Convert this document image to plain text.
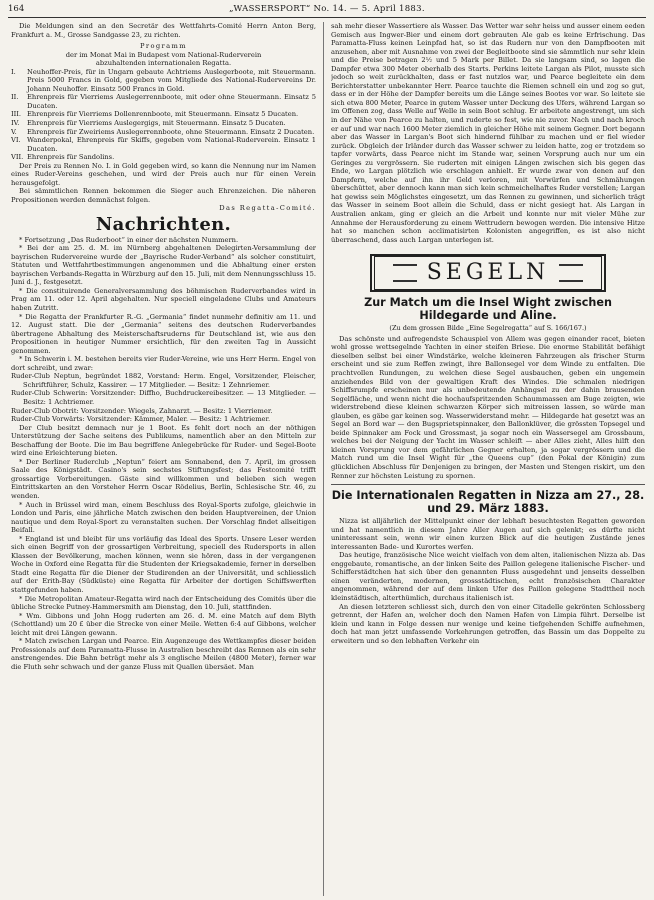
164	„WASSERSPORT“ No. 14. — 5. April 1883.

Die Meldungen sind an den Secretär des Wettfahrts-Comité Herrn Anton Berg, Frankfurt a. M., Grosse Sandgasse 23, zu richten.

Programm

der im Monat Mai in Budapest vom National-Ruderverein

abzuhaltenden internationalen Regatta.

I.	Neuhoffer-Preis, für in Ungarn gebaute Achtriems Auslegerboote, mit Steuermann. Preis 5000 Francs in Gold, gegeben vom Mitgliede des National-Rudervereins Dr. Johann Neuhoffer. Einsatz 500 Francs in Gold.
II.	Ehrenpreis für Vierriems Auslegerrennboote, mit oder ohne Steuermann. Einsatz 5 Ducaten.
III. Ehrenpreis für Vierriems Dollenrennboote, mit Steuermann. Einsatz 5 Ducaten.
IV.	Ehrenpreis für Vierriems Auslegergigs, mit Steuermann. Einsatz 5 Ducaten.
V.	Ehrenpreis für Zweiriems Auslegerrennboote, ohne Steuermann. Einsatz 2 Ducaten.
VI. Wanderpokal, Ehrenpreis für Skiffs, gegeben vom National-Ruderverein. Einsatz 1 Ducaten.
VII. Ehrenpreis für Sandolins.

Der Preis zu Rennen No. I. in Gold gegeben wird, so kann die Nennung nur im Namen eines Ruder-Vereins geschehen, und wird der Preis auch nur für einen Verein herausgefolgt.

Bei sämmtlichen Rennen bekommen die Sieger auch Ehrenzeichen. Die näheren Propositionen werden demnächst folgen.

Das Regatta-Comité.

Nachrichten.

* Fortsetzung „Das Ruderboot“ in einer der nächsten Nummern.

* Bei der am 25. d. M. im Nürnberg abgehaltenen Delegirten-Versammlung der bayrischen Rudervereine wurde der „Bayrische Ruder-Verband“ als solcher constituirt, Statuten und Wettfahrtbestimmungen angenommen und die Abhaltung einer ersten bayrischen Verbands-Regatta in Würzburg auf den 15. Juli, mit dem Nennungsschluss 15. Juni d. J., festgesetzt.

* Die constituirende Generalversammlung des böhmischen Ruderverbandes wird in Prag am 11. oder 12. April abgehalten. Nur speciell eingeladene Clubs und Amateurs haben Zutritt.

* Die Regatta der Frankfurter R.-G. „Germania“ findet nunmehr definitiv am 11. und 12. August statt. Die der „Germania“ seitens des deutschen Ruderverbandes übertragene Abhaltung des Meisterschaftsruderns für Deutschland ist, wie aus den Propositionen in heutiger Nummer ersichtlich, für den zweiten Tag in Aussicht genommen.

* In Schwerin i. M. bestehen bereits vier Ruder-Vereine, wie uns Herr Herm. Engel von dort schreibt, und zwar:

Ruder-Club Neptun, begründet 1882, Vorstand: Herm. Engel, Vorsitzender, Fleischer, Schriftführer, Schulz, Kassirer. — 17 Mitglieder. — Besitz: 1 Zehnriemer.

Ruder-Club Schwerin: Vorsitzender: Diffho, Buchdruckereibesitzer. — 13 Mitglieder. — Besitz: 1 Achtriemer.

Ruder-Club Obotrit: Vorsitzender: Wiegels, Zahnarzt. — Besitz: 1 Vierriemer.

Ruder-Club Vorwärts: Vorsitzender: Kämmer, Maler. — Besitz: 1 Achtriemer.

Der Club besitzt demnach nur je 1 Boot. Es fehlt dort noch an der nöthigen Unterstützung der Sache seitens des Publikums, namentlich aber an den Mitteln zur Beschaffung der Boote. Die im Bau begriffene Anlegebrücke für Ruder- und Segel-Boote wird eine Erleichterung bieten.

* Der Berliner Ruderclub „Neptun“ feiert am Sonnabend, den 7. April, im grossen Saale des Königstädt. Casino's sein sechstes Stiftungsfest; das Festcomité trifft grossartige Vorbereitungen. Gäste sind willkommen und belieben sich wegen Eintrittskarten an den Vorsteher Herrn Oscar Rödelius, Berlin, Schlesische Str. 46, zu wenden.

* Auch in Brüssel wird man, einem Beschluss des Royal-Sports zufolge, gleichwie in London und Paris, eine jährliche Match zwischen den beiden Hauptvereinen, der Union nautique und dem Royal-Sport zu veranstalten suchen. Der Vorschlag findet allseitigen Beifall.

* England ist und bleibt für uns vorläufig das Ideal des Sports. Unsere Leser werden sich einen Begriff von der grossartigen Verbreitung, speciell des Rudersports in allen Klassen der Bevölkerung, machen können, wenn sie hören, dass in der vergangenen Woche in Oxford eine Regatta für die Studenten der Kriegsakademie, ferner in derselben Stadt eine Regatta für die Diener der Studirenden an der Universität, und schliesslich auf der Erith-Bay (Südküste) eine Regatta für Arbeiter der dortigen Schiffswerften stattgefunden haben.

* Die Metropolitan Amateur-Regatta wird nach der Entscheidung des Comités über die übliche Strecke Putney-Hammersmith am Dienstag, den 10. Juli, stattfinden.

* Wm. Gibbons und John Hogg ruderten am 26. d. M. eine Match auf dem Blyth (Schottland) um 20 £ über die Strecke von einer Meile. Wetten 6:4 auf Gibbons, welcher leicht mit drei Längen gewann.

* Match zwischen Largan und Pearce. Ein Augenzeuge des Wettkampfes dieser beiden Professionals auf dem Paramatta-Flusse in Australien beschreibt das Rennen als ein sehr anstrengendes. Die Bahn beträgt mehr als 3 englische Meilen (4800 Meter), ferner war die Fluth sehr schwach und der ganze Fluss mit Quallen übersäet. Man

sah mehr dieser Wassertiere als Wasser. Das Wetter war sehr heiss und ausser einem eeden Gemisch aus Ingwer-Bier und einem dort gebrauten Ale gab es keine Erfrischung. Das Paramatta-Fluss keinen Leinpfad hat, so ist das Rudern nur von den Dampfbooten mit anzusehen, aber mit Ausnahme von zwei der Begleitboote sind sie sämmtlich nur sehr klein und die Preise betragen 2½ und 5 Mark per Billet. Da sie langsam sind, so lagen die Dampfer etwa 300 Meter oberhalb des Starts. Perkins leitete Largan als Pilot, musste sich jedoch so weit zurückhalten, dass er fast nutzlos war, und Pearce begleitete ein dem Berichterstatter unbekannter Herr. Pearce tauchte die Riemen schnell ein und zog so gut, dass er in der Höhe der Dampfer bereits um die Länge seines Bootes vor war. So leitete sie sich etwa 800 Meter, Pearce in gutem Wasser unter Deckung des Ufers, während Largan so im Offenen zog, dass Welle auf Welle in sein Boot schlug. Er arbeitete angestrengt, um sich in der Nähe von Pearce zu halten, und ruderte so fest, wie nie zuvor. Nach und nach kroch er auf und war nach 1600 Meter ziemlich in gleicher Höhe mit seinem Gegner. Dort begann aber das Wasser in Largan's Boot sich hindernd fühlbar zu machen und er fiel wieder zurück. Obgleich der Irländer durch das Wasser schwer zu leiden hatte, zog er trotzdem so tapfer vorwärts, dass Pearce nicht im Stande war, seinen Vorsprung auch nur um ein Geringes zu vergrössern. Sie ruderten mit einigen Längen zwischen sich bis gegen das Ende, wo Largan plötzlich wie erschlagen anhielt. Er wurde zwar von denen auf den Dampfern, welche auf ihn ihr Geld verloren, mit Vorwürfen und Schmähungen überschüttet, aber dennoch kann man sich kein schmeichelhaftes Ruder verstellen; Largan hat gewiss sein Möglichstes eingesetzt, um das Rennen zu gewinnen, und sicherlich trägt das Wasser in seinem Boot allein die Schuld, dass er nicht gesiegt hat. Als Largan in Australien ankam, ging er gleich an die Arbeit und konnte nur mit vieler Mühe zur Annahme der Herausforderung zu einem Wettrudern bewogen werden. Die intensive Hitze hat so manchen schon acclimatisirten Kolonisten angegriffen, es ist also nicht überraschend, dass auch Largan unterlegen ist.

SEGELN
Zur Match um die Insel Wight zwischen Hildegarde und Aline.

(Zu dem grossen Bilde „Eine Segelregatta“ auf S. 166/167.)

Das schönste und aufregendste Schauspiel von Allem was gegen einander racet, bieten wohl grosse wettsegelnde Yachten in einer steifen Briese. Die enorme Stabilität befähigt dieselben selbst bei einer Windstärke, welche kleineren Fahrzeugen als frischer Sturm erscheint und sie zum Reffen zwingt, ihre Ballonsegel vor dem Winde zu entfalten. Die prachtvollen Rundungen, zu welchen diese Segel ausbauchen, geben ein ungemein anziehendes Bild von der gewaltigen Kraft des Windes. Die schmalen niedrigen Schiffsrumpfe erscheinen nur als unbedeutende Anhängsel zu der dahin brausenden Segelfläche, und wenn nicht die hochaufspritzenden Schaummassen am Buge zeigten, wie widerstrebend diese kleinen schwarzen Körper sich mitreissen lassen, so würde man glauben, es gäbe gar keinen sog. Wasserwiderstand mehr. — Hildegarde hat gesetzt was an Segel an Bord war — den Bugsprietspinnaker, den Ballonklüver, die grössten Topsegel und beide Spinnaker am Fock und Grossmast, ja sogar noch ein Wassersegel am Grossbaum, welches bei der Neigung der Yacht im Wasser schleift — aber Alles zieht, Alles hilft den kleinen Vorsprung vor dem gefährlichen Gegner erhalten, ja sogar vergrössern und die Match rund um die Insel Wight für „the Queens cup“ (den Pokal der Königin) zum glücklichen Abschluss für Denjenigen zu bringen, der Masten und Stengen riskirt, um den Renner zur höchsten Leistung zu spornen.

Die Internationalen Regatten in Nizza am 27., 28. und 29. März 1883.

Nizza ist alljährlich der Mittelpunkt einer der lebhaft besuchtesten Regatten geworden und hat namentlich in diesem Jahre Aller Augen auf sich gelenkt; es dürfte nicht uninteressant sein, wenn wir einen kurzen Blick auf die heutigen Zustände jenes interessanten Bade- und Kurortes werfen.

Das heutige, französische Nice weicht vielfach von dem alten, italienischen Nizza ab. Das enggebaute, romantische, an der linken Seite des Paillon gelegene italienische Fischer- und Schifferstädtchen hat sich über den genannten Fluss ausgedehnt und jenseits desselben einen veränderten, modernen, grossstädtischen, echt französischen Charakter angenommen, während der auf dem linken Ufer des Paillon gelegene Stadttheil noch kleinstädtisch, alterthümlich, durchaus italienisch ist.

An diesen letzteren schliesst sich, durch den von einer Citadelle gekrönten Schlossberg getrennt, der Hafen an, welcher doch den Namen Hafen von Limpia führt. Derselbe ist klein und kann in Folge dessen nur wenige und keine tiefgehenden Schiffe aufnehmen, doch hat man jetzt umfassende Vorkehrungen getroffen, das Bassin um das Doppelte zu erweitern und so den lebhaften Verkehr ein
